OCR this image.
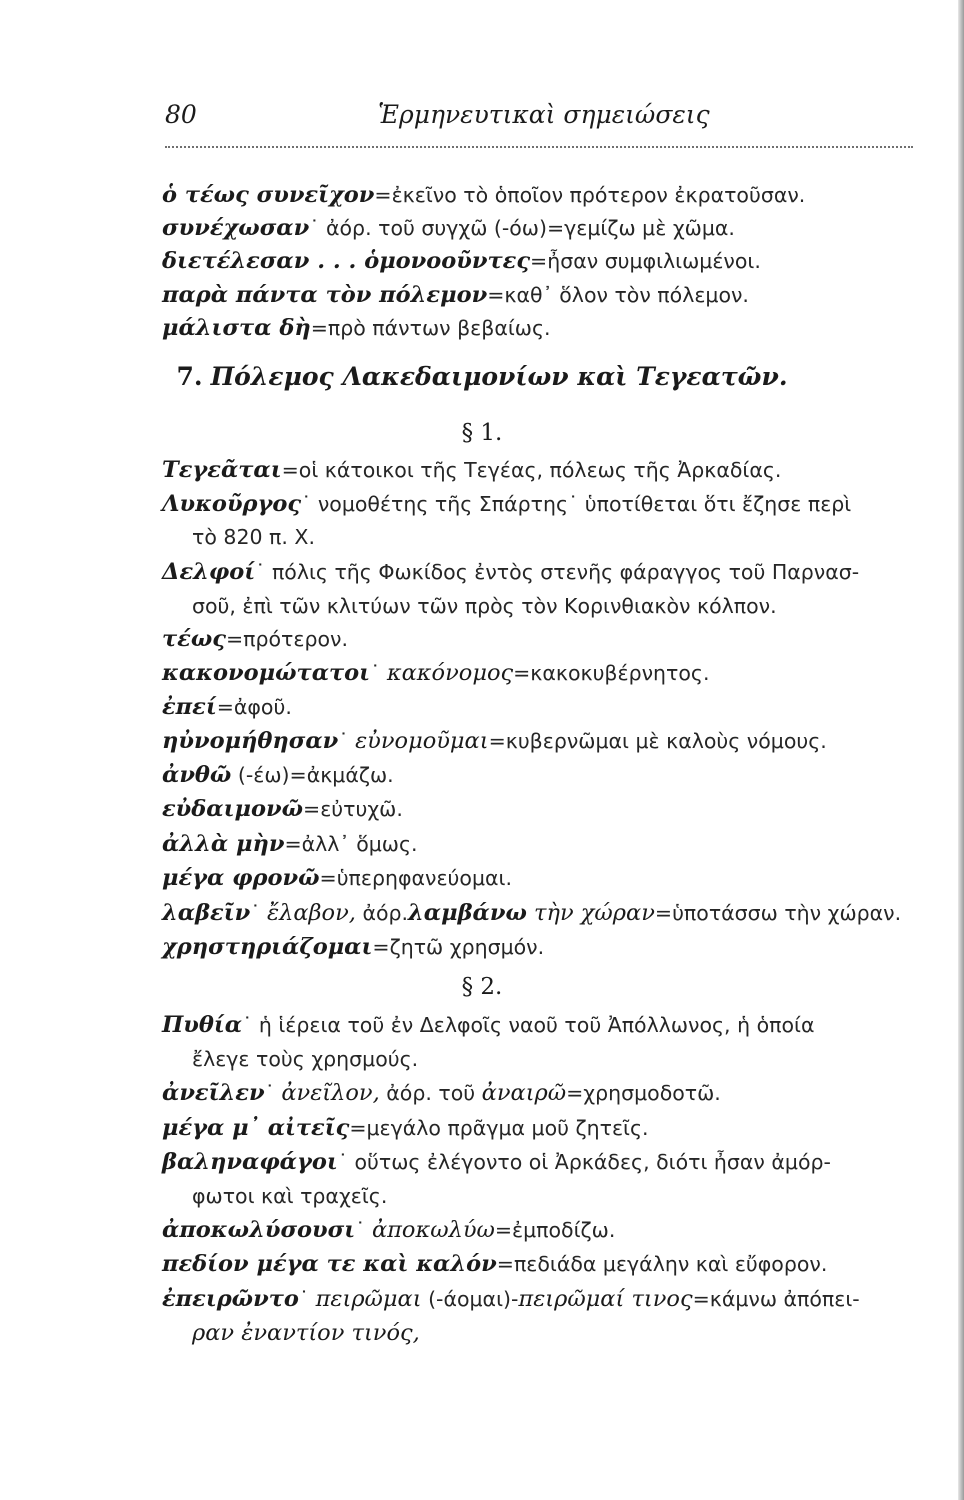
80	Ἑρμηνευτικαὶ σημειώσεις
ὁ τέως συνεῖχον=ἐκεῖνο τὸ ὁποῖον πρότερον ἐκρατοῦσαν.
συνέχωσαν˙ ἀόρ. τοῦ συγχῶ (-όω)=γεμίζω μὲ χῶμα.
διετέλεσαν . . . ὁμονοοῦντες=ἦσαν συμφιλιωμένοι.
παρὰ πάντα τὸν πόλεμον=καθ᾽ ὅλον τὸν πόλεμον.
μάλιστα δὴ=πρὸ πάντων βεβαίως.
7. Πόλεμος Λακεδαιμονίων καὶ Τεγεατῶν.
§ 1.
Τεγεᾶται=οἱ κάτοικοι τῆς Τεγέας, πόλεως τῆς Ἀρκαδίας.
Λυκοῦργος˙ νομοθέτης τῆς Σπάρτης˙ ὑποτίθεται ὅτι ἔζησε περὶ
τὸ 820 π. Χ.
Δελφοί˙ πόλις τῆς Φωκίδος ἐντὸς στενῆς φάραγγος τοῦ Παρνασ-
σοῦ, ἐπὶ τῶν κλιτύων τῶν πρὸς τὸν Κορινθιακὸν κόλπον.
τέως=πρότερον.
κακονομώτατοι˙ κακόνομος=κακοκυβέρνητος.
ἐπεί=ἀφοῦ.
ηὐνομήθησαν˙ εὐνομοῦμαι=κυβερνῶμαι μὲ καλοὺς νόμους.
ἀνθῶ (-έω)=ἀκμάζω.
εὐδαιμονῶ=εὐτυχῶ.
ἀλλὰ μὴν=ἀλλ᾽ ὅμως.
μέγα φρονῶ=ὑπερηφανεύομαι.
λαβεῖν˙ ἔλαβον, ἀόρ.λαμβάνω τὴν χώραν=ὑποτάσσω τὴν χώραν.
χρηστηριάζομαι=ζητῶ χρησμόν.
§ 2.
Πυθία˙ ἡ ἱέρεια τοῦ ἐν Δελφοῖς ναοῦ τοῦ Ἀπόλλωνος, ἡ ὁποία
ἔλεγε τοὺς χρησμούς.
ἀνεῖλεν˙ ἀνεῖλον, ἀόρ. τοῦ ἀναιρῶ=χρησμοδοτῶ.
μέγα μ᾽ αἰτεῖς=μεγάλο πρᾶγμα μοῦ ζητεῖς.
βαληναφάγοι˙ οὕτως ἐλέγοντο οἱ Ἀρκάδες, διότι ἦσαν ἀμόρ-
φωτοι καὶ τραχεῖς.
ἀποκωλύσουσι˙ ἀποκωλύω=ἐμποδίζω.
πεδίον μέγα τε καὶ καλόν=πεδιάδα μεγάλην καὶ εὔφορον.
ἐπειρῶντο˙ πειρῶμαι (-άομαι)-πειρῶμαί τινος=κάμνω ἀπόπει-
ραν ἐναντίον τινός,
